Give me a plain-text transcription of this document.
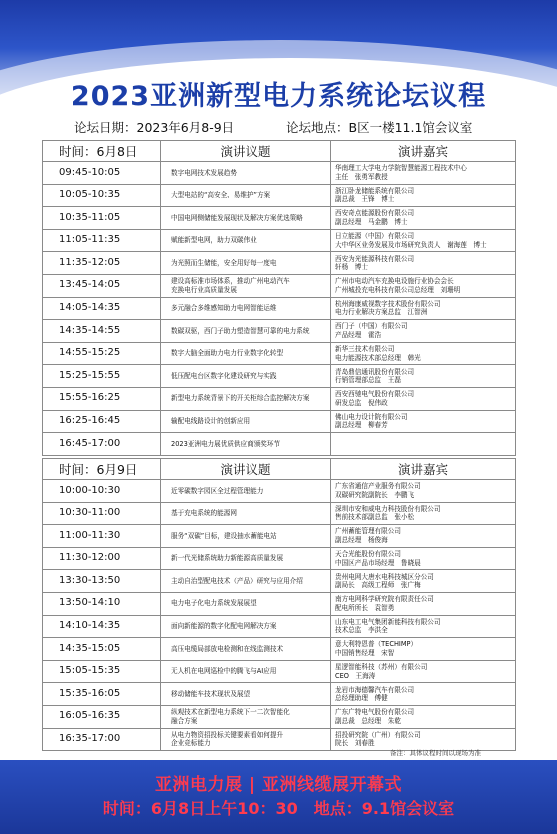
2023亚洲新型电力系统论坛议程
论坛日期：2023年6月8-9日	论坛地点：B区一楼11.1馆会议室
时间：6月8日	演讲议题	演讲嘉宾
09:45-10:05	数字电网技术发展趋势	华南理工大学电力学院智慧能源工程技术中心
主任　张勇军教授

10:05-10:35	大型电站的“高安全、易维护”方案	浙江卧龙储能系统有限公司
副总裁　王锋　博士

10:35-11:05	中国电网侧储能发展现状及解决方案优选策略	西安奇点能源股份有限公司
副总经理　马金鹏　博士

11:05-11:35	赋能新型电网，助力双碳伟业	日立能源（中国）有限公司
大中华区业务发展及市场研究负责人　谢海莲　博士

11:35-12:05	为光照而生储能，安全用好每一度电	西安为光能源科技有限公司
轩杨　博士

13:45-14:05	建设高标准市场体系，推动广州电动汽车
充换电行业高质量发展	广州市电动汽车充换电设施行业协会会长
广州城投充电科技有限公司总经理　刘珊明

14:05-14:35	多元融合多维感知助力电网智能运维	杭州海康威视数字技术股份有限公司
电力行业解决方案总监　江智洲

14:35-14:55	数碳双驱，西门子助力塑造智慧可靠的电力系统	西门子（中国）有限公司
产品经理　霍浩

14:55-15:25	数字大脑全面助力电力行业数字化转型	新华三技术有限公司
电力能源技术部总经理　韩光

15:25-15:55	低压配电台区数字化建设研究与实践	青岛鼎信通讯股份有限公司
行销管理部总监　王磊

15:55-16:25	新型电力系统背景下的开关柜综合监控解决方案	西安西驰电气股份有限公司
研发总监　倪伟政

16:25-16:45	输配电线路设计的创新应用	佛山电力设计院有限公司
副总经理　柳春芳

16:45-17:00	2023亚洲电力展优质供应商颁奖环节	
时间：6月9日	演讲议题	演讲嘉宾
10:00-10:30	近零碳数字园区全过程管理能力	广东省通信产业服务有限公司
双碳研究院副院长　李鹏飞

10:30-11:00	基于充电系统的能源网	深圳市安和威电力科技股份有限公司
售前技术部副总监　张小松

11:00-11:30	服务“双碳”目标，建设抽水蓄能电站	广州蓄能管理有限公司
副总经理　杨俊海

11:30-12:00	新一代光储系统助力新能源高质量发展	天合光能股份有限公司
中国区产品市场经理　鲁晓晨

13:30-13:50	主动自治型配电技术（产品）研究与应用介绍	贵州电网大唐水电科技城区分公司
副局长　高级工程师　张广梅

13:50-14:10	电力电子化电力系统发展展望	南方电网科学研究院有限责任公司
配电所所长　袁智勇

14:10-14:35	面向新能源的数字化配电网解决方案	山东电工电气集团新能科技有限公司
技术总监　李洪全

14:35-15:05	高压电缆局部放电检测和在线监测技术	意大利特恩普（TECHIMP）
中国销售经理　宋智

15:05-15:35	无人机在电网巡检中的腾飞与AI应用	星逻智能科技（苏州）有限公司
CEO　王海涛

15:35-16:05	移动储能车技术现状及展望	龙岩市海德馨汽车有限公司
总经理助理　傅健

16:05-16:35	纵观技术在新型电力系统下一二次智能化
融合方案	广东广特电气股份有限公司
副总裁　总经理　朱乾

16:35-17:00	从电力物资招投标关键要素看如何提升
企业竞标能力	招投研究院（广州）有限公司
院长　刘春胜
备注：具体议程时间以现场为准
亚洲电力展 | 亚洲线缆展开幕式
时间：6月8日上午10：30　地点：9.1馆会议室
